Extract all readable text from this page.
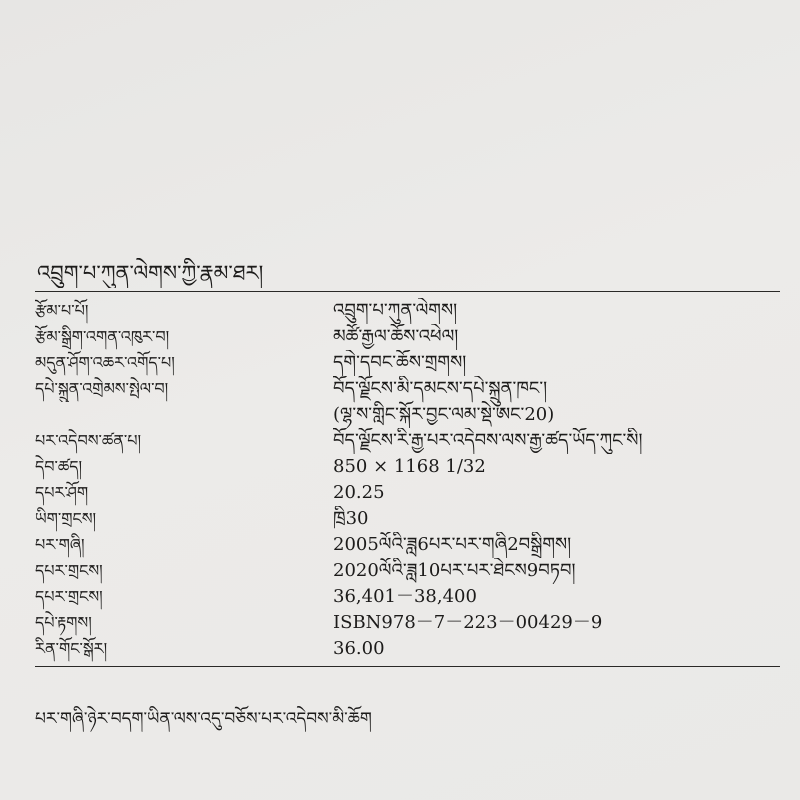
འབྲུག་པ་ཀུན་ལེགས་ཀྱི་རྣམ་ཐར།
རྩོམ་པ་པོ།	འབྲུག་པ་ཀུན་ལེགས།
རྩོམ་སྒྲིག་འགན་འཁུར་བ།	མཚོ་རྒྱལ་ཆོས་འཕེལ།
མདུན་ཤོག་འཆར་འགོད་པ།	དགེ་དབང་ཆོས་གྲགས།
དཔེ་སྐྲུན་འགྲེམས་སྤེལ་བ།	བོད་ལྗོངས་མི་དམངས་དཔེ་སྐྲུན་ཁང་།
(ལྷ་ས་གླིང་སྐོར་བྱང་ལམ་སྡེ་ཨང་20)
པར་འདེབས་ཚན་པ།	བོད་ལྗོངས་རི་རྒྱ་པར་འདེབས་ལས་རྒྱ་ཚད་ཡོད་ཀུང་སི།
དེབ་ཚད།	850 × 1168 1/32
དཔར་ཤོག	20.25
ཡིག་གྲངས།	ཁྲི30
པར་གཞི།	2005ལོའི་ཟླ6པར་པར་གཞི2བསྒྲིགས།
དཔར་གྲངས།	2020ལོའི་ཟླ10པར་པར་ཐེངས9བཏབ།
དཔར་གྲངས།	36,401－38,400
དཔེ་རྟགས།	ISBN978－7－223－00429－9
རིན་གོང་སྒོར།	36.00
པར་གཞི་ཉེར་བདག་ཡིན་ལས་འདུ་བཅོས་པར་འདེབས་མི་ཆོག
